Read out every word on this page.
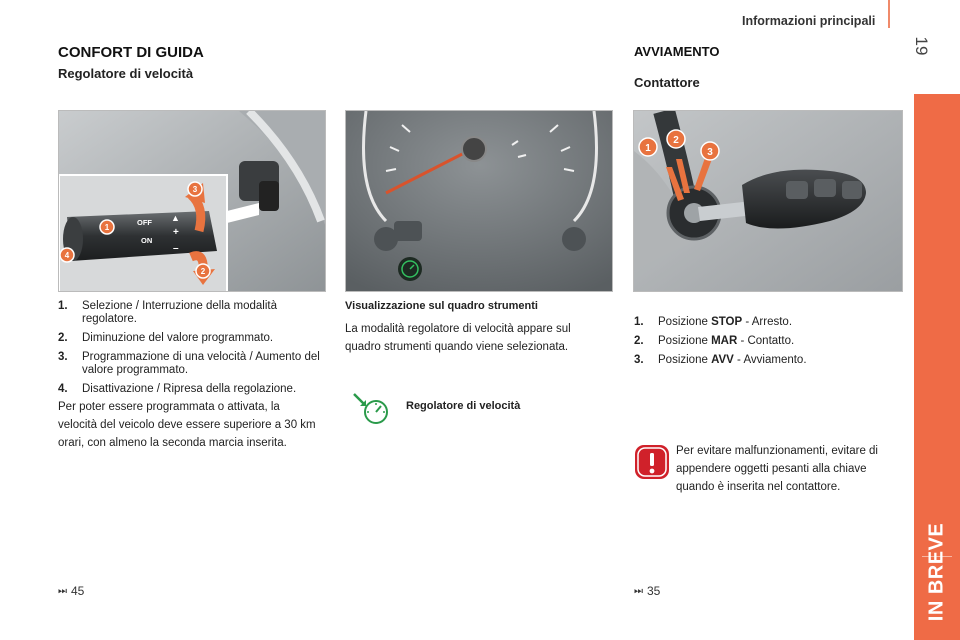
Informazioni principali
19
IN BREVE
CONFORT DI GUIDA
Regolatore di velocità
AVVIAMENTO
Contattore
OFF
ON
▲
+
–
3
2
1
4
1
2
3
1.	Selezione / Interruzione della modalità regolatore.
2.	Diminuzione del valore programmato.
3.	Programmazione di una velocità / Aumento del valore programmato.
4.	Disattivazione / Ripresa della regolazione.
Per poter essere programmata o attivata, la velocità del veicolo deve essere superiore a 30 km orari, con almeno la seconda marcia inserita.
Visualizzazione sul quadro strumenti
La modalità regolatore di velocità appare sul quadro strumenti quando viene selezionata.
Regolatore di velocità
1.	Posizione STOP - Arresto.
2.	Posizione MAR - Contatto.
3.	Posizione AVV - Avviamento.
Per evitare malfunzionamenti, evitare di appendere oggetti pesanti alla chiave quando è inserita nel contattore.
⏭ 45	⏭ 35
